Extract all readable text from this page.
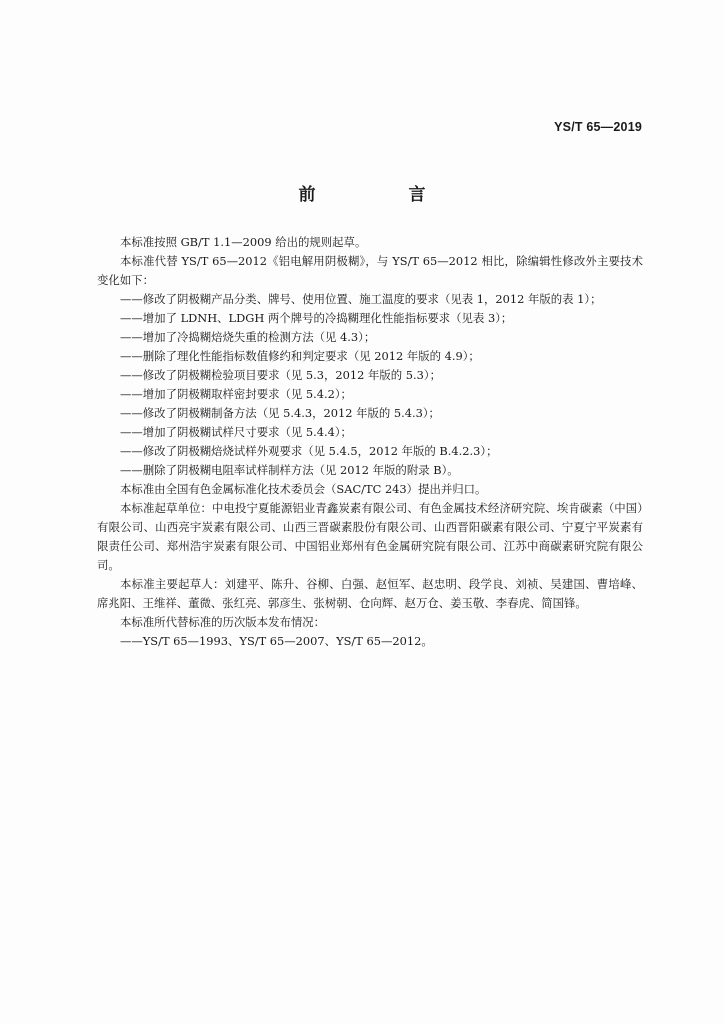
YS/T 65—2019
前　言

本标准按照 GB/T 1.1—2009 给出的规则起草。

本标准代替 YS/T 65—2012《铝电解用阴极糊》，与 YS/T 65—2012 相比，除编辑性修改外主要技术变化如下：

——修改了阴极糊产品分类、牌号、使用位置、施工温度的要求（见表 1，2012 年版的表 1）；

——增加了 LDNH、LDGH 两个牌号的冷捣糊理化性能指标要求（见表 3）；

——增加了冷捣糊焙烧失重的检测方法（见 4.3）；

——删除了理化性能指标数值修约和判定要求（见 2012 年版的 4.9）；

——修改了阴极糊检验项目要求（见 5.3，2012 年版的 5.3）；

——增加了阴极糊取样密封要求（见 5.4.2）；

——修改了阴极糊制备方法（见 5.4.3，2012 年版的 5.4.3）；

——增加了阴极糊试样尺寸要求（见 5.4.4）；

——修改了阴极糊焙烧试样外观要求（见 5.4.5，2012 年版的 B.4.2.3）；

——删除了阴极糊电阻率试样制样方法（见 2012 年版的附录 B）。

本标准由全国有色金属标准化技术委员会（SAC/TC 243）提出并归口。

本标准起草单位：中电投宁夏能源铝业青鑫炭素有限公司、有色金属技术经济研究院、埃肯碳素（中国）有限公司、山西亮宇炭素有限公司、山西三晋碳素股份有限公司、山西晋阳碳素有限公司、宁夏宁平炭素有限责任公司、郑州浩宇炭素有限公司、中国铝业郑州有色金属研究院有限公司、江苏中商碳素研究院有限公司。

本标准主要起草人：刘建平、陈升、谷柳、白强、赵恒军、赵忠明、段学良、刘祯、吴建国、曹培峰、席兆阳、王维祥、董微、张红亮、郭彦生、张树朝、仓向辉、赵万仓、姜玉敬、李春虎、简国锋。

本标准所代替标准的历次版本发布情况：

——YS/T 65—1993、YS/T 65—2007、YS/T 65—2012。
